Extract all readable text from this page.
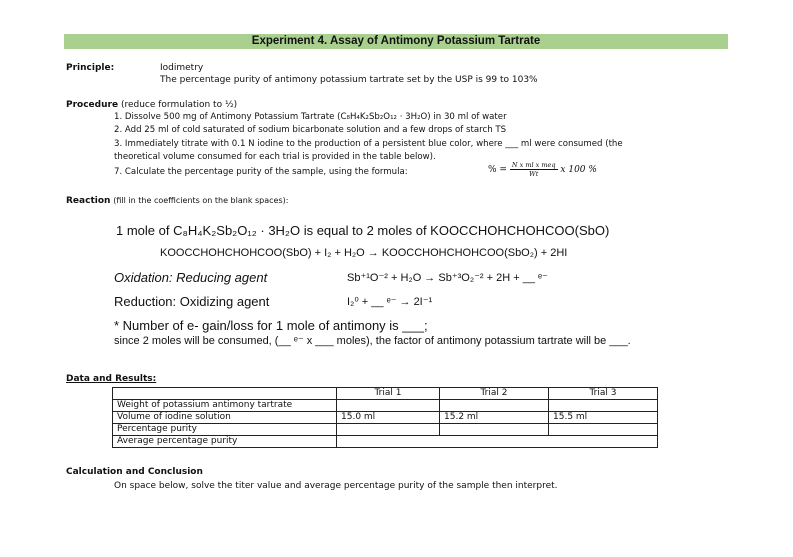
Experiment 4. Assay of Antimony Potassium Tartrate
Principle:	Iodimetry
The percentage purity of antimony potassium tartrate set by the USP is 99 to 103%
Procedure (reduce formulation to ½)
1. Dissolve 500 mg of Antimony Potassium Tartrate (C₈H₄K₂Sb₂O₁₂ · 3H₂O) in 30 ml of water
2. Add 25 ml of cold saturated of sodium bicarbonate solution and a few drops of starch TS
3. Immediately titrate with 0.1 N iodine to the production of a persistent blue color, where ___ ml were consumed (the
theoretical volume consumed for each trial is provided in the table below).
7. Calculate the percentage purity of the sample, using the formula:	% = $\frac{\text{N x ml x meq}}{Wt}$ x 100 %
Reaction (fill in the coefficients on the blank spaces):
1 mole of C₈H₄K₂Sb₂O₁₂ · 3H₂O is equal to 2 moles of KOOCCHOHCHOHCOO(SbO)
KOOCCHOHCHOHCOO(SbO) + I₂ + H₂O → KOOCCHOHCHOHCOO(SbO₂) + 2HI
Oxidation: Reducing agent	Sb⁺¹O⁻² + H₂O → Sb⁺³O₂⁻² + 2H + __ ᵉ⁻
Reduction: Oxidizing agent	I₂⁰ + __ ᵉ⁻ → 2I⁻¹
* Number of e- gain/loss for 1 mole of antimony is ___;
since 2 moles will be consumed, (__ ᵉ⁻ x ___ moles), the factor of antimony potassium tartrate will be ___.
Data and Results:
	Trial 1	Trial 2	Trial 3
Weight of potassium antimony tartrate			
Volume of iodine solution	15.0 ml	15.2 ml	15.5 ml
Percentage purity			
Average percentage purity			
Calculation and Conclusion
On space below, solve the titer value and average percentage purity of the sample then interpret.
